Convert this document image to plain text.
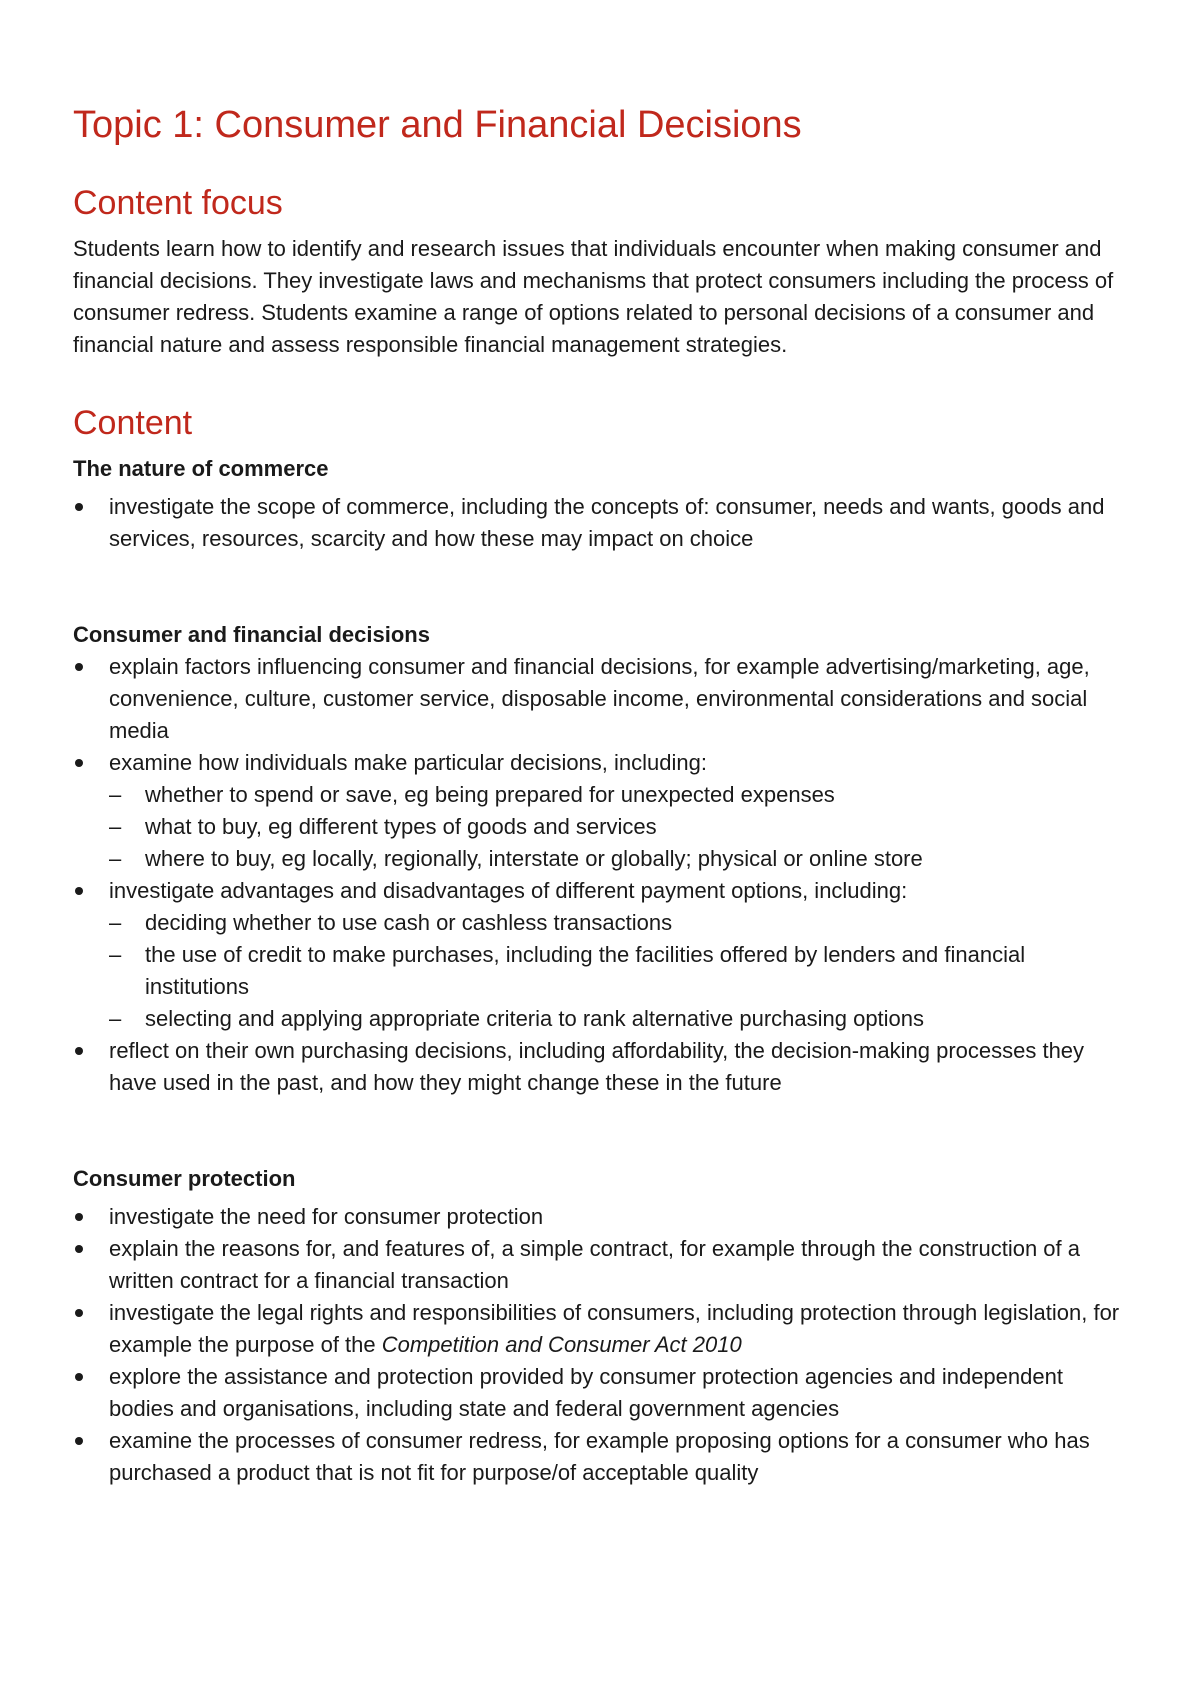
Topic 1: Consumer and Financial Decisions
Content focus

Students learn how to identify and research issues that individuals encounter when making consumer and financial decisions. They investigate laws and mechanisms that protect consumers including the process of consumer redress. Students examine a range of options related to personal decisions of a consumer and financial nature and assess responsible financial management strategies.

Content
The nature of commerce
investigate the scope of commerce, including the concepts of: consumer, needs and wants, goods and services, resources, scarcity and how these may impact on choice
Consumer and financial decisions
explain factors influencing consumer and financial decisions, for example advertising/marketing, age, convenience, culture, customer service, disposable income, environmental considerations and social media
examine how individuals make particular decisions, including:
– whether to spend or save, eg being prepared for unexpected expenses
– what to buy, eg different types of goods and services
– where to buy, eg locally, regionally, interstate or globally; physical or online store
investigate advantages and disadvantages of different payment options, including:
– deciding whether to use cash or cashless transactions
– the use of credit to make purchases, including the facilities offered by lenders and financial institutions
– selecting and applying appropriate criteria to rank alternative purchasing options
reflect on their own purchasing decisions, including affordability, the decision-making processes they have used in the past, and how they might change these in the future
Consumer protection
investigate the need for consumer protection
explain the reasons for, and features of, a simple contract, for example through the construction of a written contract for a financial transaction
investigate the legal rights and responsibilities of consumers, including protection through legislation, for example the purpose of the Competition and Consumer Act 2010
explore the assistance and protection provided by consumer protection agencies and independent bodies and organisations, including state and federal government agencies
examine the processes of consumer redress, for example proposing options for a consumer who has purchased a product that is not fit for purpose/of acceptable quality
